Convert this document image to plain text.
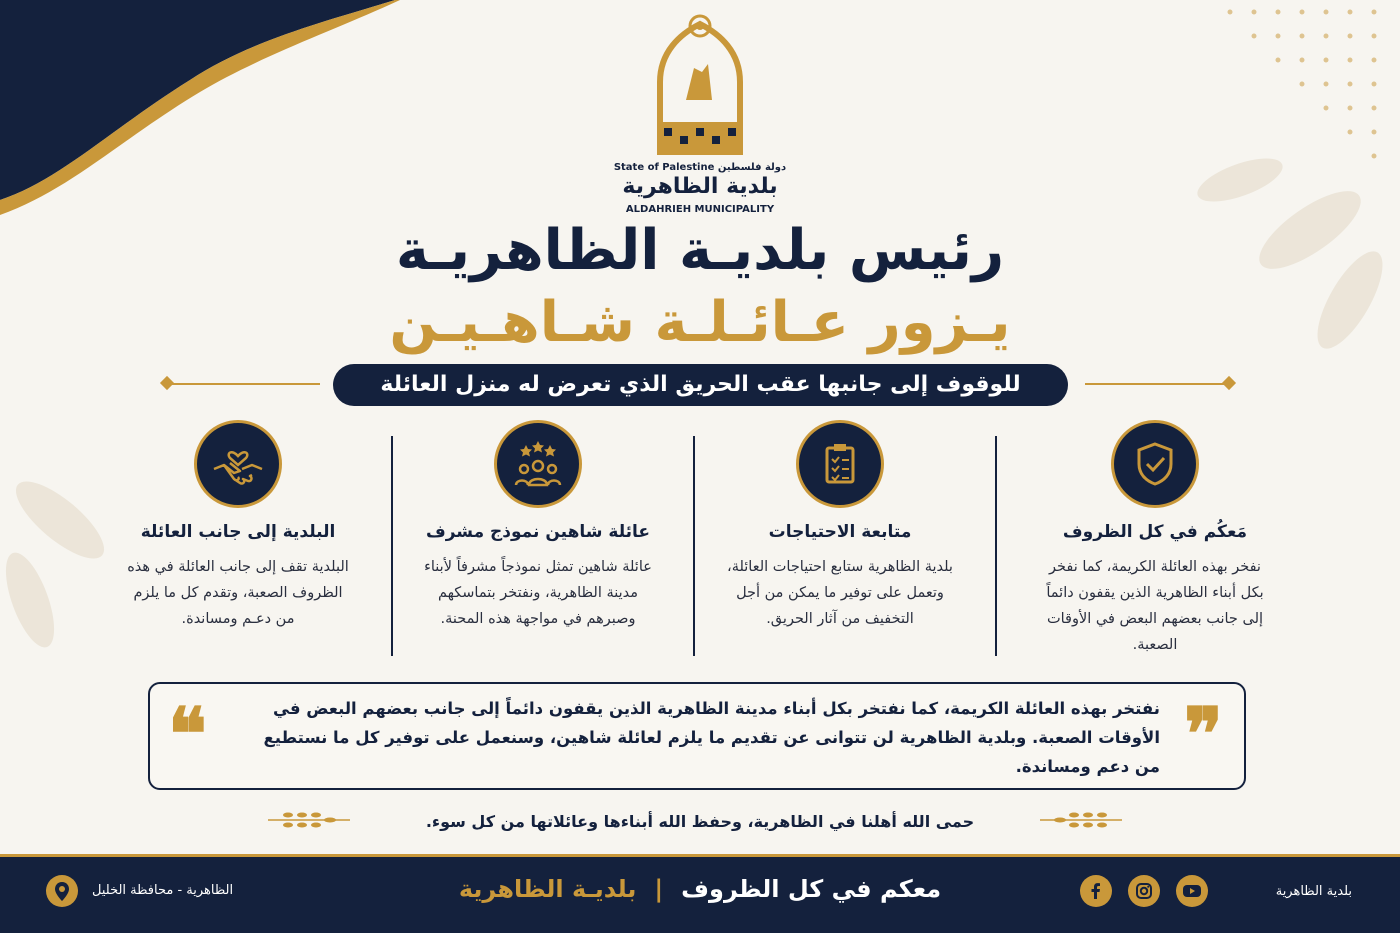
State of Palestine دولة فلسطين
بلدية الظاهرية
ALDAHRIEH MUNICIPALITY
رئيس بلديـة الظاهريـة
يـزور عـائـلـة شـاهـيـن
للوقوف إلى جانبها عقب الحريق الذي تعرض له منزل العائلة
مَعكُم في كل الظروف
نفخر بهذه العائلة الكريمة، كما نفخر بكل أبناء الظاهرية الذين يقفون دائماً إلى جانب بعضهم البعض في الأوقات الصعبة.
متابعة الاحتياجات
بلدية الظاهرية ستابع احتياجات العائلة، وتعمل على توفير ما يمكن من أجل التخفيف من آثار الحريق.
عائلة شاهين نموذج مشرف
عائلة شاهين تمثل نموذجاً مشرفاً لأبناء مدينة الظاهرية، ونفتخر بتماسكهم وصبرهم في مواجهة هذه المحنة.
البلدية إلى جانب العائلة
البلدية تقف إلى جانب العائلة في هذه الظروف الصعبة، وتقدم كل ما يلزم من دعـم ومساندة.
❞
نفتخر بهذه العائلة الكريمة، كما نفتخر بكل أبناء مدينة الظاهرية الذين يقفون دائماً إلى جانب بعضهم البعض في الأوقات الصعبة. وبلدية الظاهرية لن تتوانى عن تقديم ما يلزم لعائلة شاهين، وسنعمل على توفير كل ما نستطيع من دعم ومساندة.
❝
حمى الله أهلنا في الظاهرية، وحفظ الله أبناءها وعائلاتها من كل سوء.
الظاهرية - محافظة الخليل	معكم في كل الظروف|بلديـة الظاهرية	بلدية الظاهرية
